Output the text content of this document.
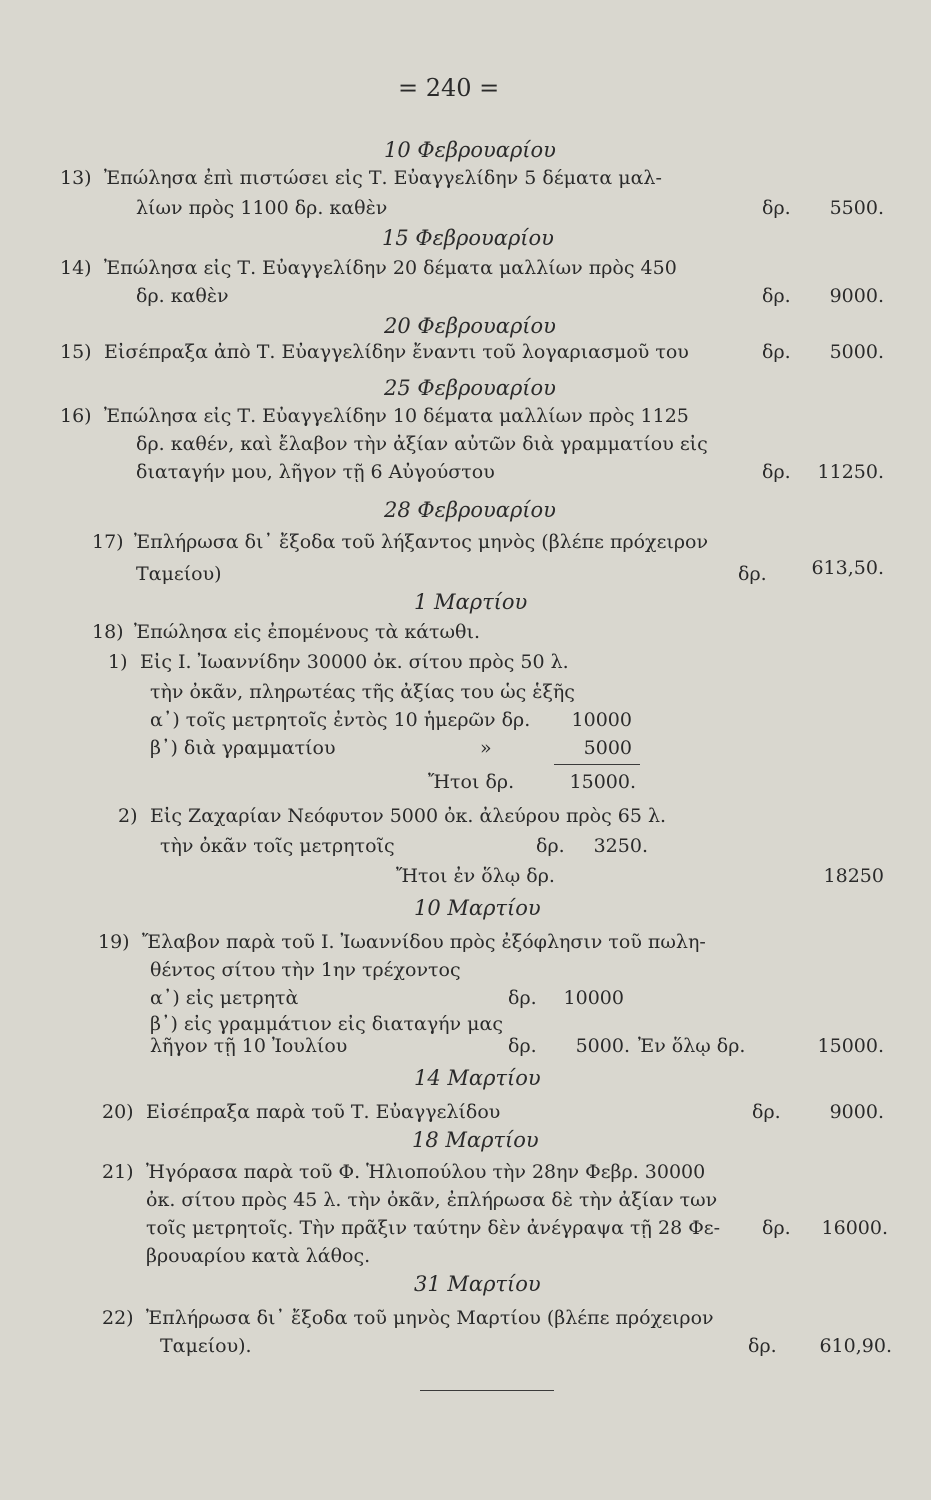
= 240 =
10 Φεβρουαρίου
13) Ἐπώλησα ἐπὶ πιστώσει εἰς Τ. Εὐαγγελίδην 5 δέματα μαλ-
λίων πρὸς 1100 δρ. καθὲν	δρ.	5500.
15 Φεβρουαρίου
14) Ἐπώλησα εἰς Τ. Εὐαγγελίδην 20 δέματα μαλλίων πρὸς 450
δρ. καθὲν	δρ.	9000.
20 Φεβρουαρίου
15) Εἰσέπραξα ἀπὸ Τ. Εὐαγγελίδην ἔναντι τοῦ λογαριασμοῦ του	δρ.	5000.
25 Φεβρουαρίου
16) Ἐπώλησα εἰς Τ. Εὐαγγελίδην 10 δέματα μαλλίων πρὸς 1125
δρ. καθέν, καὶ ἔλαβον τὴν ἀξίαν αὐτῶν διὰ γραμματίου εἰς
διαταγήν μου, λῆγον τῇ 6 Αὐγούστου	δρ.	11250.
28 Φεβρουαρίου
17) Ἐπλήρωσα δι᾽ ἔξοδα τοῦ λήξαντος μηνὸς (βλέπε πρόχειρον
Ταμείου)	δρ.	613,50.
1 Μαρτίου
18) Ἐπώλησα εἰς ἐπομένους τὰ κάτωθι.
1) Εἰς Ι. Ἰωαννίδην 30000 ὀκ. σίτου πρὸς 50 λ.
τὴν ὀκᾶν, πληρωτέας τῆς ἀξίας του ὡς ἑξῆς
α᾽) τοῖς μετρητοῖς ἐντὸς 10 ἡμερῶν δρ.	10000
β᾽) διὰ γραμματίου	»	5000
Ἤτοι δρ.	15000.
2) Εἰς Ζαχαρίαν Νεόφυτον 5000 ὀκ. ἀλεύρου πρὸς 65 λ.
τὴν ὀκᾶν τοῖς μετρητοῖς	δρ.	3250.
Ἤτοι ἐν ὅλῳ δρ.	18250
10 Μαρτίου
19) Ἔλαβον παρὰ τοῦ Ι. Ἰωαννίδου πρὸς ἐξόφλησιν τοῦ πωλη-
θέντος σίτου τὴν 1ην τρέχοντος
α᾽) εἰς μετρητὰ	δρ.	10000
β᾽) εἰς γραμμάτιον εἰς διαταγήν μας
λῆγον τῇ 10 Ἰουλίου	δρ.	5000. Ἐν ὅλῳ δρ.	15000.
14 Μαρτίου
20) Εἰσέπραξα παρὰ τοῦ Τ. Εὐαγγελίδου	δρ.	9000.
18 Μαρτίου
21) Ἠγόρασα παρὰ τοῦ Φ. Ἡλιοπούλου τὴν 28ην Φεβρ. 30000
ὀκ. σίτου πρὸς 45 λ. τὴν ὀκᾶν, ἐπλήρωσα δὲ τὴν ἀξίαν των
τοῖς μετρητοῖς. Τὴν πρᾶξιν ταύτην δὲν ἀνέγραψα τῇ 28 Φε- δρ.	16000.
βρουαρίου κατὰ λάθος.
31 Μαρτίου
22) Ἐπλήρωσα δι᾽ ἔξοδα τοῦ μηνὸς Μαρτίου (βλέπε πρόχειρον
Ταμείου).	δρ.	610,90.
